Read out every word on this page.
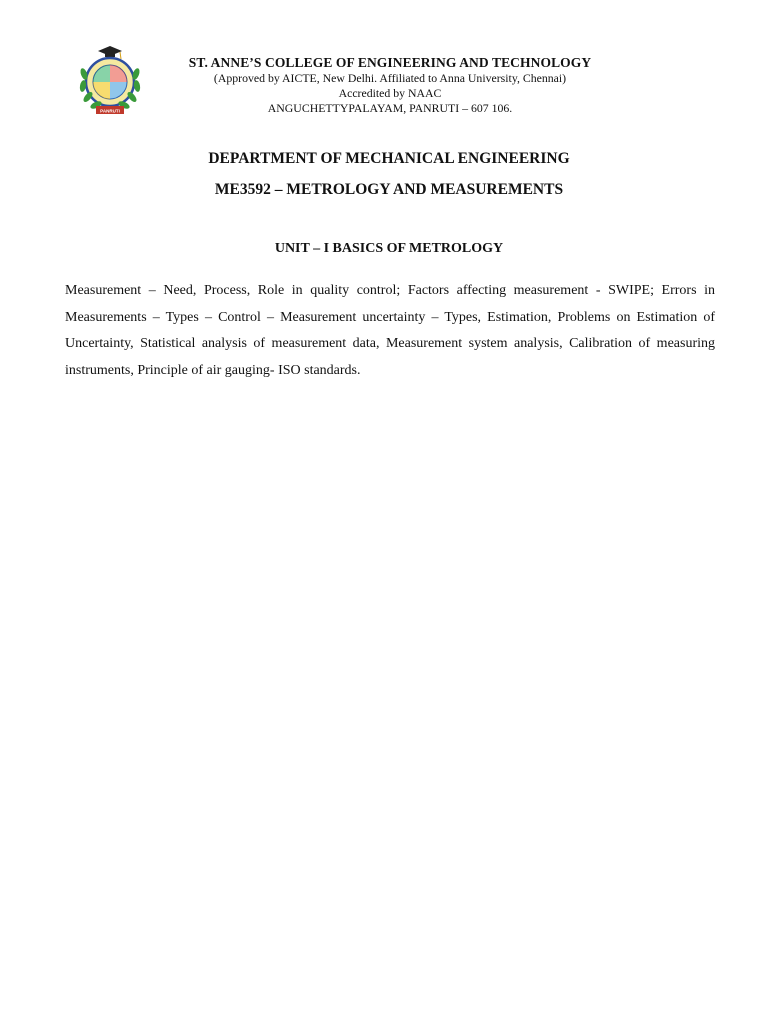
PANRUTI
ST. ANNE’S COLLEGE OF ENGINEERING AND TECHNOLOGY
(Approved by AICTE, New Delhi. Affiliated to Anna University, Chennai)
Accredited by NAAC
ANGUCHETTYPALAYAM, PANRUTI – 607 106.
DEPARTMENT OF MECHANICAL ENGINEERING
ME3592 – METROLOGY AND MEASUREMENTS
UNIT – I BASICS OF METROLOGY

Measurement – Need, Process, Role in quality control; Factors affecting measurement - SWIPE; Errors in Measurements – Types – Control – Measurement uncertainty – Types, Estimation, Problems on Estimation of Uncertainty, Statistical analysis of measurement data, Measurement system analysis, Calibration of measuring instruments, Principle of air gauging- ISO standards.
